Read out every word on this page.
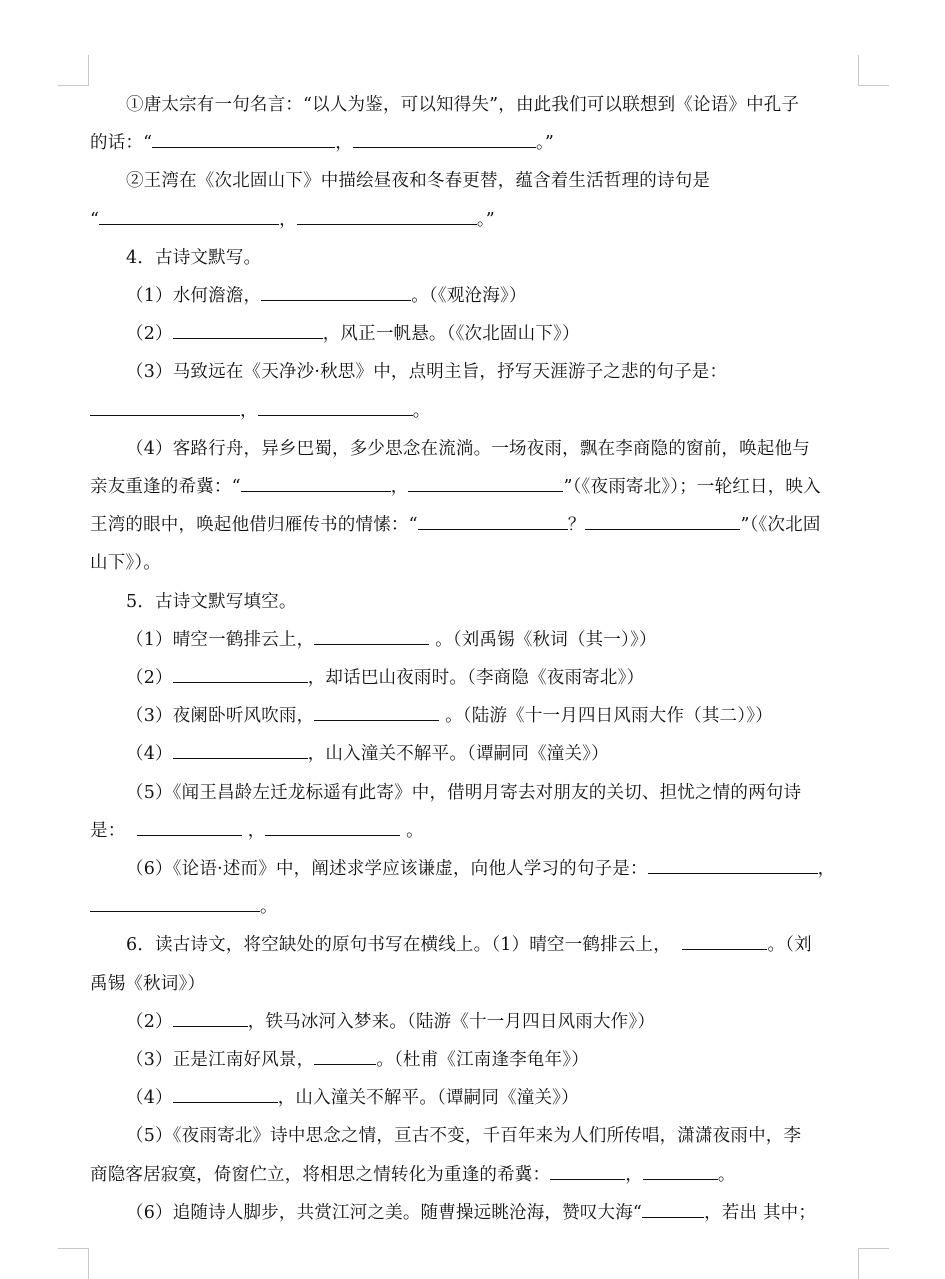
①唐太宗有一句名言：“以人为鉴，可以知得失”，由此我们可以联想到《论语》中孔子

的话：“	，	。”

②王湾在《次北固山下》中描绘昼夜和冬春更替，蕴含着生活哲理的诗句是

“	，	。”

4．古诗文默写。

（1）水何澹澹，	。（《观沧海》）

（2）	，风正一帆悬。（《次北固山下》）

（3）马致远在《天净沙·秋思》中，点明主旨，抒写天涯游子之悲的句子是：

，	。

（4）客路行舟，异乡巴蜀，多少思念在流淌。一场夜雨，飘在李商隐的窗前，唤起他与

亲友重逢的希冀：“	，	”（《夜雨寄北》）；一轮红日，映入

王湾的眼中，唤起他借归雁传书的情愫：“	？	”（《次北固

山下》）。

5．古诗文默写填空。

（1）晴空一鹤排云上，	。（刘禹锡《秋词（其一）》）

（2）	，却话巴山夜雨时。（李商隐《夜雨寄北》）

（3）夜阑卧听风吹雨，	。（陆游《十一月四日风雨大作（其二）》）

（4）	，山入潼关不解平。（谭嗣同《潼关》）

（5）《闻王昌龄左迁龙标遥有此寄》中，借明月寄去对朋友的关切、担忧之情的两句诗

是：	，	。

（6）《论语·述而》中，阐述求学应该谦虚，向他人学习的句子是：	，

。

6．读古诗文，将空缺处的原句书写在横线上。（1）晴空一鹤排云上，	。（刘

禹锡《秋词》）

（2）	，铁马冰河入梦来。（陆游《十一月四日风雨大作》）

（3）正是江南好风景，	。（杜甫《江南逢李龟年》）

（4）	，山入潼关不解平。（谭嗣同《潼关》）

（5）《夜雨寄北》诗中思念之情，亘古不变，千百年来为人们所传唱，潇潇夜雨中，李

商隐客居寂寞，倚窗伫立，将相思之情转化为重逢的希冀：	，	。

（6）追随诗人脚步，共赏江河之美。随曹操远眺沧海，赞叹大海“	，若出 其中；
